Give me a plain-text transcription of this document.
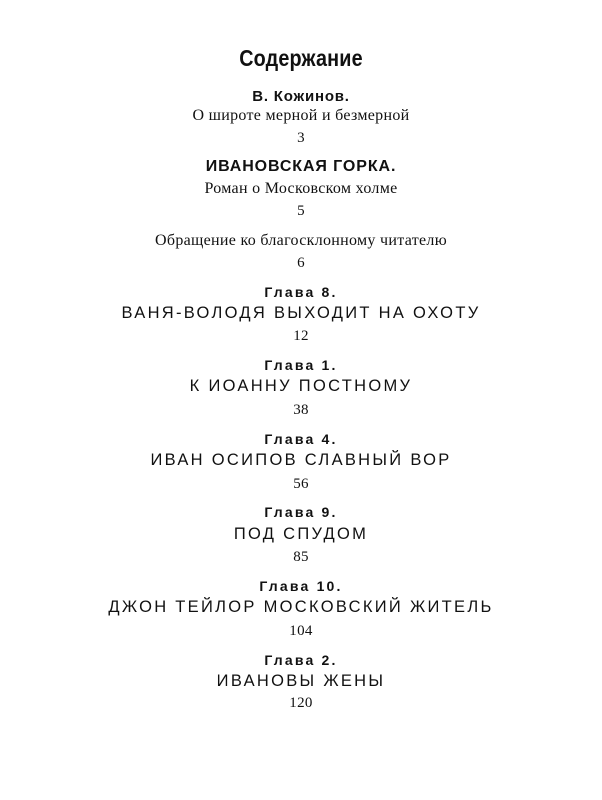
Содержание
В. Кожинов.
О широте мерной и безмерной
3
ИВАНОВСКАЯ ГОРКА.
Роман о Московском холме
5
Обращение ко благосклонному читателю
6
Глава 8.
ВАНЯ-ВОЛОДЯ ВЫХОДИТ НА ОХОТУ
12
Глава 1.
К ИОАННУ ПОСТНОМУ
38
Глава 4.
ИВАН ОСИПОВ СЛАВНЫЙ ВОР
56
Глава 9.
ПОД СПУДОМ
85
Глава 10.
ДЖОН ТЕЙЛОР МОСКОВСКИЙ ЖИТЕЛЬ
104
Глава 2.
ИВАНОВЫ ЖЕНЫ
120
